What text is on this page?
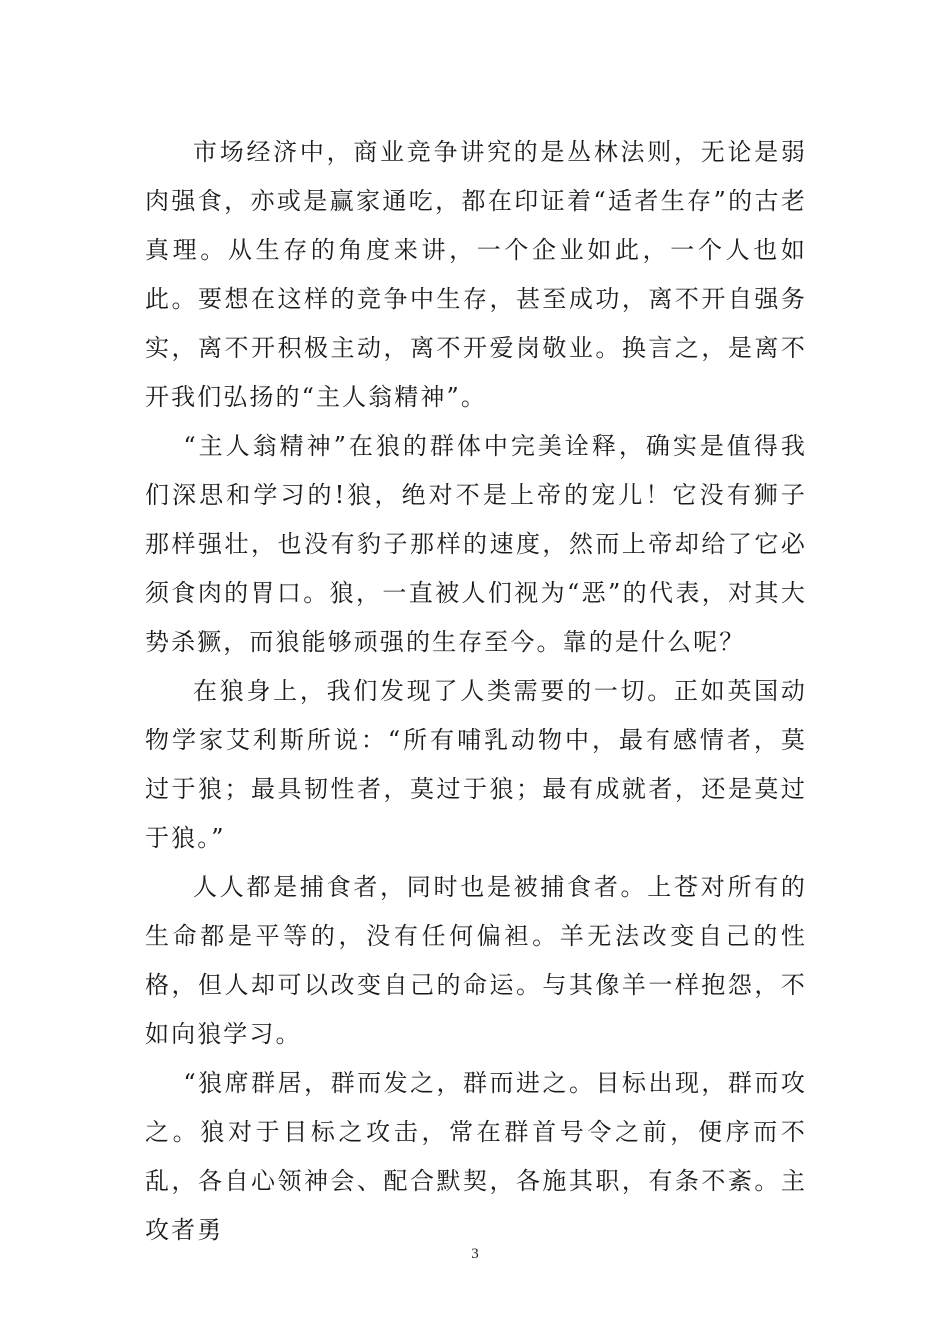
市场经济中，商业竞争讲究的是丛林法则，无论是弱肉强食，亦或是赢家通吃，都在印证着“适者生存”的古老真理。从生存的角度来讲，一个企业如此，一个人也如此。要想在这样的竞争中生存，甚至成功，离不开自强务实，离不开积极主动，离不开爱岗敬业。换言之，是离不开我们弘扬的“主人翁精神”。

“主人翁精神”在狼的群体中完美诠释，确实是值得我们深思和学习的!狼，绝对不是上帝的宠儿！它没有狮子那样强壮，也没有豹子那样的速度，然而上帝却给了它必须食肉的胃口。狼，一直被人们视为“恶”的代表，对其大势杀獗，而狼能够顽强的生存至今。靠的是什么呢？

在狼身上，我们发现了人类需要的一切。正如英国动物学家艾利斯所说：“所有哺乳动物中，最有感情者，莫过于狼；最具韧性者，莫过于狼；最有成就者，还是莫过于狼。”

人人都是捕食者，同时也是被捕食者。上苍对所有的生命都是平等的，没有任何偏袒。羊无法改变自己的性格，但人却可以改变自己的命运。与其像羊一样抱怨，不如向狼学习。

“狼席群居，群而发之，群而进之。目标出现，群而攻之。狼对于目标之攻击，常在群首号令之前，便序而不乱，各自心领神会、配合默契，各施其职，有条不紊。主攻者勇

3
